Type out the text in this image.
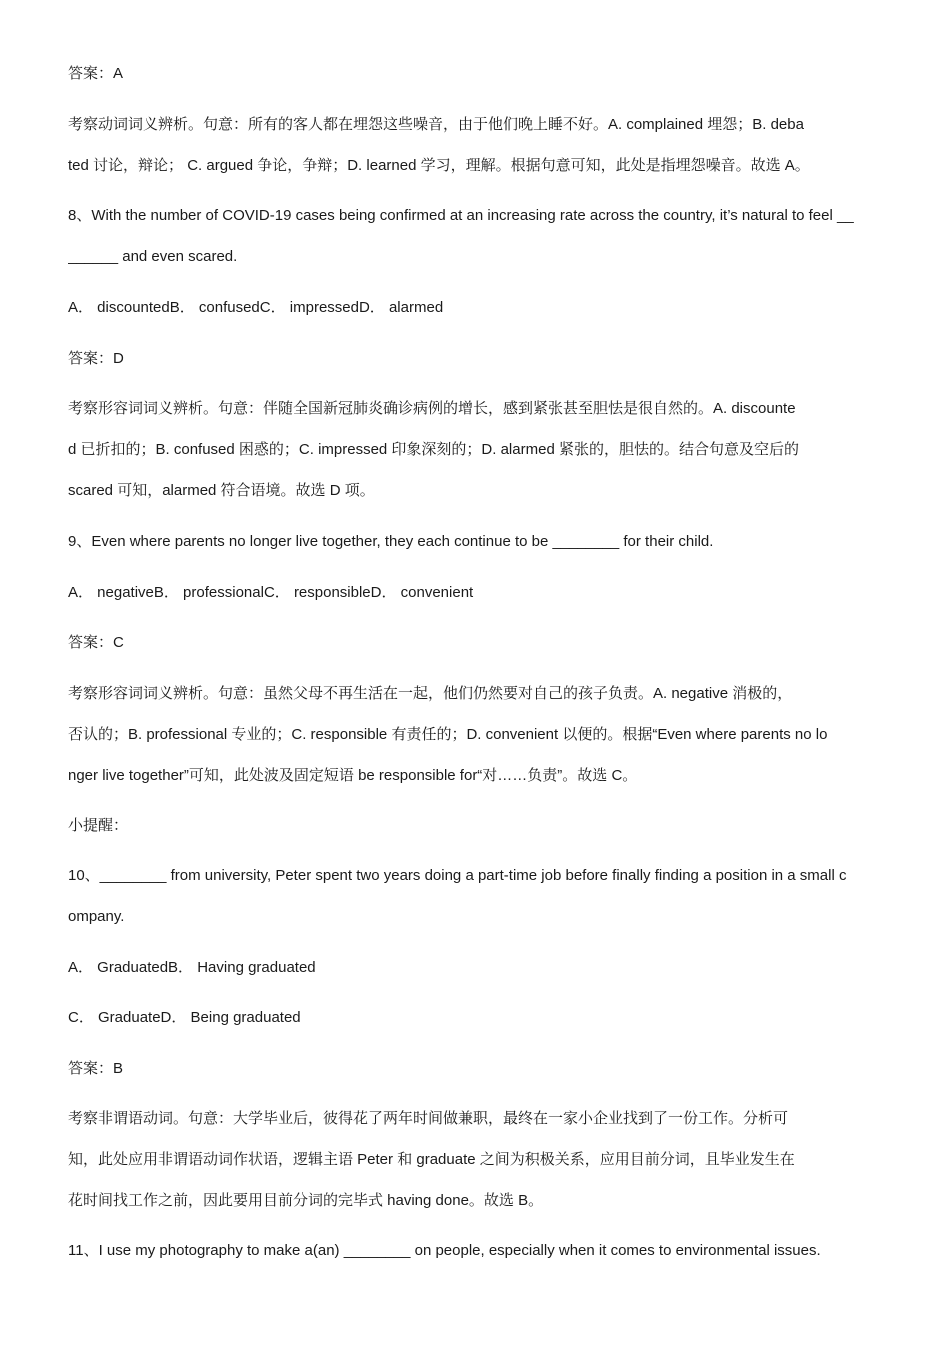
答案：A
考察动词词义辨析。句意：所有的客人都在埋怨这些噪音，由于他们晚上睡不好。A. complained 埋怨；B. deba
ted 讨论，辩论； C. argued 争论，争辩；D. learned 学习，理解。根据句意可知，此处是指埋怨噪音。故选 A。
8、With the number of COVID-19 cases being confirmed at an increasing rate across the country, it’s natural to feel __
______ and even scared.
A． discountedB． confusedC． impressedD． alarmed
答案：D
考察形容词词义辨析。句意：伴随全国新冠肺炎确诊病例的增长，感到紧张甚至胆怯是很自然的。A. discounte
d 已折扣的；B. confused 困惑的；C. impressed 印象深刻的；D. alarmed 紧张的，胆怯的。结合句意及空后的
scared 可知，alarmed 符合语境。故选 D 项。
9、Even where parents no longer live together, they each continue to be ________ for their child.
A． negativeB． professionalC． responsibleD． convenient
答案：C
考察形容词词义辨析。句意：虽然父母不再生活在一起，他们仍然要对自己的孩子负责。A. negative 消极的，
否认的；B. professional 专业的；C. responsible 有责任的；D. convenient 以便的。根据“Even where parents no lo
nger live together”可知，此处波及固定短语 be responsible for“对……负责”。故选 C。
小提醒：
10、________ from university, Peter spent two years doing a part-time job before finally finding a position in a small c
ompany.
A． GraduatedB． Having graduated
C． GraduateD． Being graduated
答案：B
考察非谓语动词。句意：大学毕业后，彼得花了两年时间做兼职，最终在一家小企业找到了一份工作。分析可
知，此处应用非谓语动词作状语，逻辑主语 Peter 和 graduate 之间为积极关系，应用目前分词，且毕业发生在
花时间找工作之前，因此要用目前分词的完毕式 having done。故选 B。
11、I use my photography to make a(an) ________ on people, especially when it comes to environmental issues.
